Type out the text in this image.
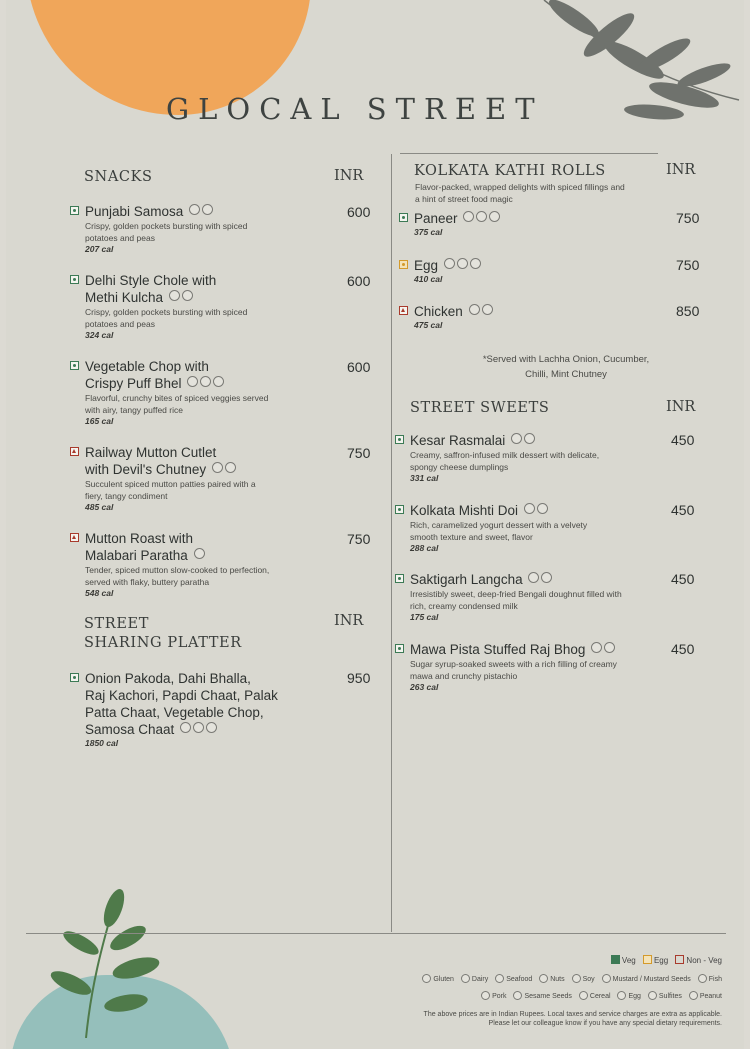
GLOCAL STREET
SNACKS	INR
Punjabi Samosa
Crispy, golden pockets bursting with spiced potatoes and peas
207 cal
600
Delhi Style Chole with
Methi Kulcha
Crispy, golden pockets bursting with spiced potatoes and peas
324 cal
600
Vegetable Chop with
Crispy Puff Bhel
Flavorful, crunchy bites of spiced veggies served with airy, tangy puffed rice
165 cal
600
Railway Mutton Cutlet
with Devil's Chutney
Succulent spiced mutton patties paired with a fiery, tangy condiment
485 cal
750
Mutton Roast with
Malabari Paratha
Tender, spiced mutton slow-cooked to perfection, served with flaky, buttery paratha
548 cal
750
STREET
SHARING PLATTER
INR
Onion Pakoda, Dahi Bhalla,
Raj Kachori, Papdi Chaat, Palak
Patta Chaat, Vegetable Chop,
Samosa Chaat
1850 cal
950
KOLKATA KATHI ROLLS	INR
Flavor-packed, wrapped delights with spiced fillings and a hint of street food magic
Paneer
375 cal
750
Egg
410 cal
750
Chicken
475 cal
850
*Served with Lachha Onion, Cucumber,
Chilli, Mint Chutney
STREET SWEETS	INR
Kesar Rasmalai
Creamy, saffron-infused milk dessert with delicate, spongy cheese dumplings
331 cal
450
Kolkata Mishti Doi
Rich, caramelized yogurt dessert with a velvety smooth texture and sweet, flavor
288 cal
450
Saktigarh Langcha
Irresistibly sweet, deep-fried Bengali doughnut filled with rich, creamy condensed milk
175 cal
450
Mawa Pista Stuffed Raj Bhog
Sugar syrup-soaked sweets with a rich filling of creamy mawa and crunchy pistachio
263 cal
450
Veg Egg Non - Veg
Gluten	Dairy	Seafood	Nuts	Soy	Mustard / Mustard Seeds	Fish
Pork	Sesame Seeds	Cereal	Egg	Sulfites	Peanut
The above prices are in Indian Rupees. Local taxes and service charges are extra as applicable.
Please let our colleague know if you have any special dietary requirements.
